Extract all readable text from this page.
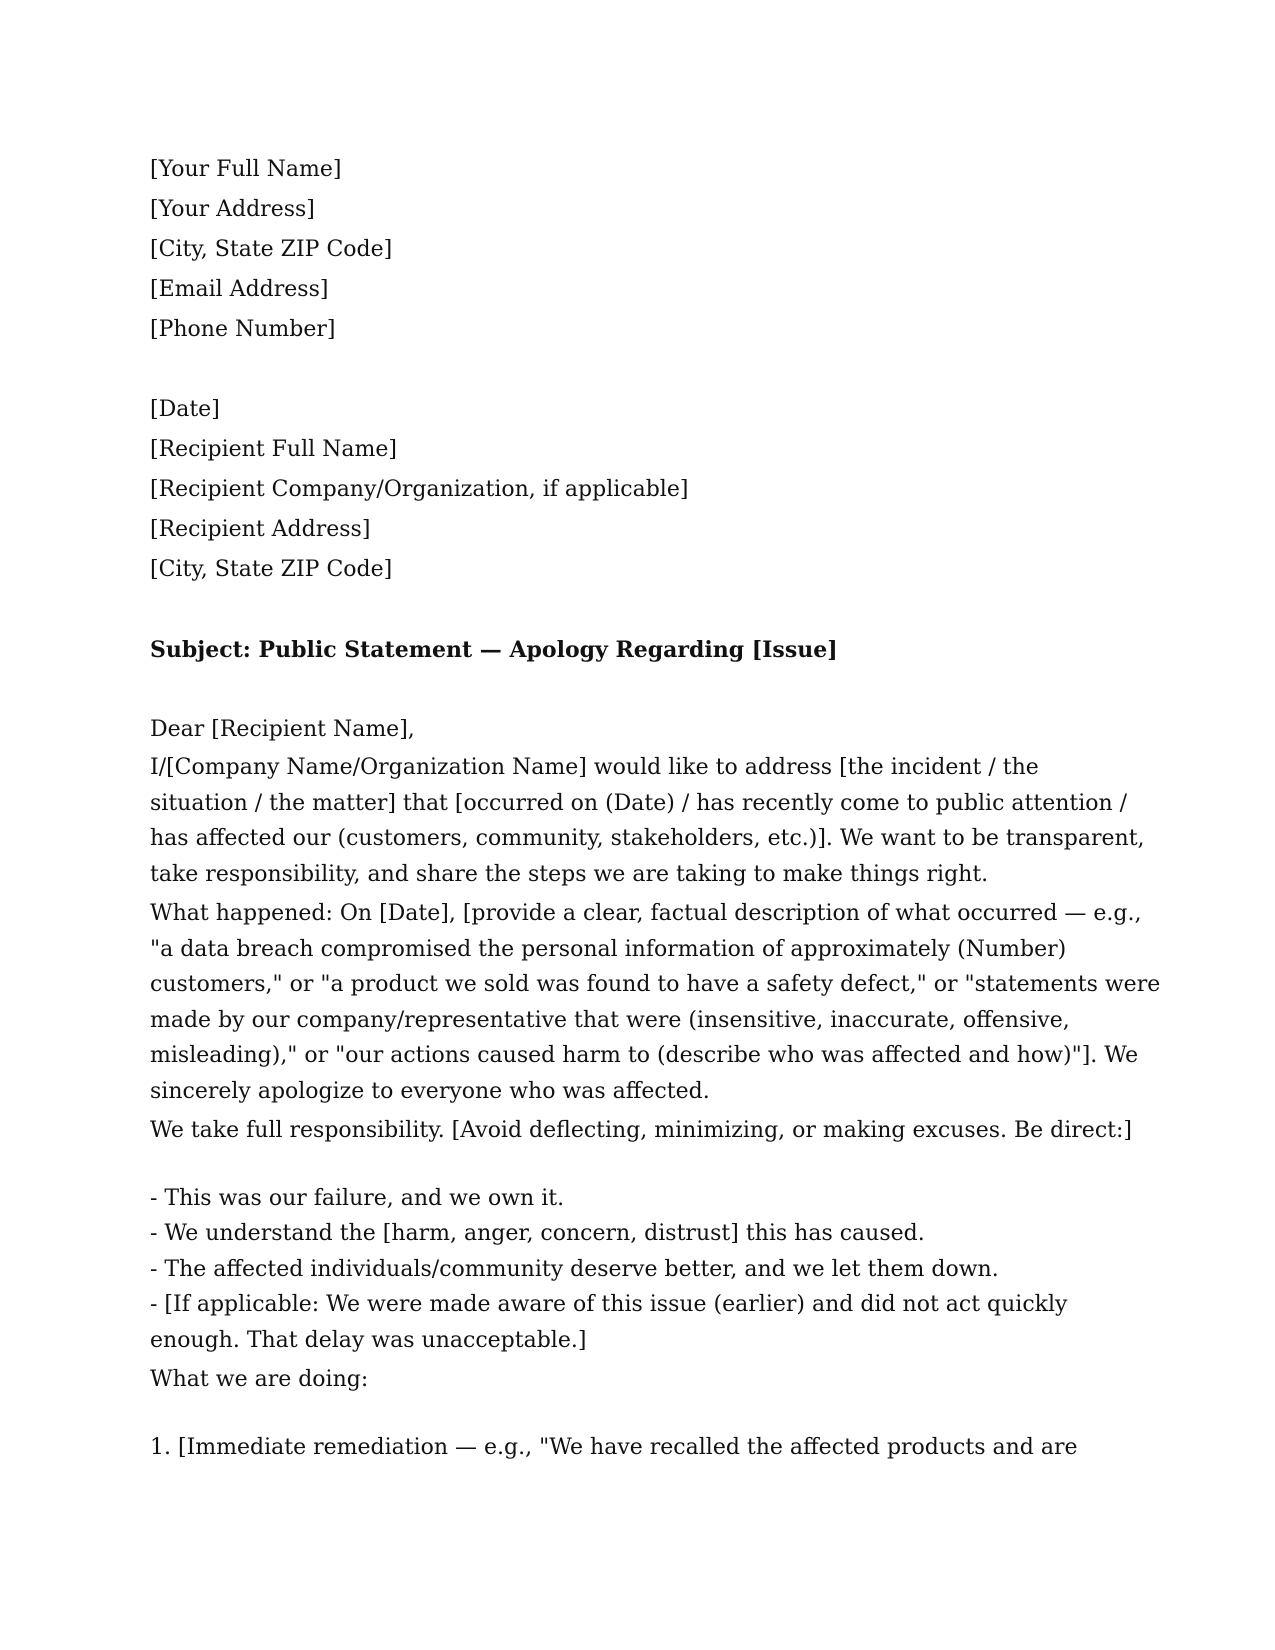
[Your Full Name]

[Your Address]

[City, State ZIP Code]

[Email Address]

[Phone Number]

[Date]

[Recipient Full Name]

[Recipient Company/Organization, if applicable]

[Recipient Address]

[City, State ZIP Code]

Subject: Public Statement — Apology Regarding [Issue]

Dear [Recipient Name],

I/[Company Name/Organization Name] would like to address [the incident / the
situation / the matter] that [occurred on (Date) / has recently come to public attention /
has affected our (customers, community, stakeholders, etc.)]. We want to be transparent,
take responsibility, and share the steps we are taking to make things right.
What happened: On [Date], [provide a clear, factual description of what occurred — e.g.,
"a data breach compromised the personal information of approximately (Number)
customers," or "a product we sold was found to have a safety defect," or "statements were
made by our company/representative that were (insensitive, inaccurate, offensive,
misleading)," or "our actions caused harm to (describe who was affected and how)"]. We
sincerely apologize to everyone who was affected.
We take full responsibility. [Avoid deflecting, minimizing, or making excuses. Be direct:]
- This was our failure, and we own it.
- We understand the [harm, anger, concern, distrust] this has caused.
- The affected individuals/community deserve better, and we let them down.
- [If applicable: We were made aware of this issue (earlier) and did not act quickly
enough. That delay was unacceptable.]
What we are doing:
1. [Immediate remediation — e.g., "We have recalled the affected products and are
